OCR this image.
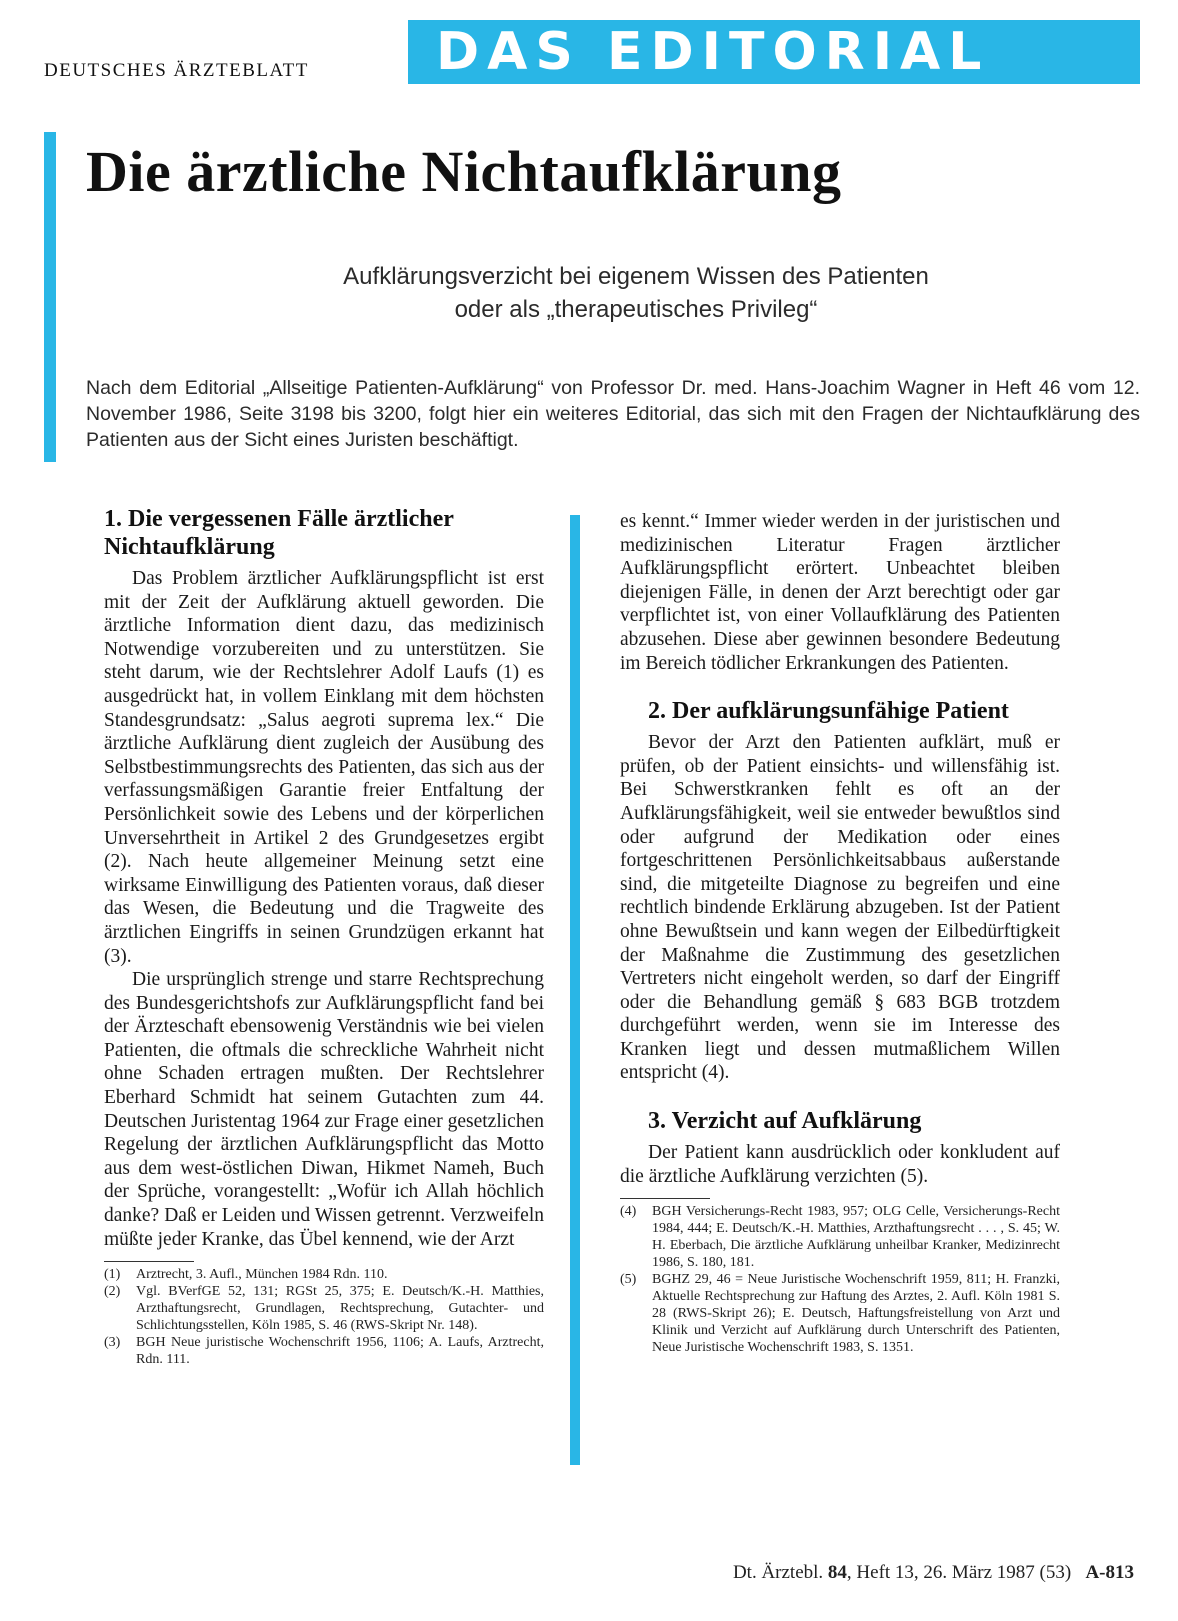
DEUTSCHES ÄRZTEBLATT	DAS EDITORIAL
Die ärztliche Nichtaufklärung
Aufklärungsverzicht bei eigenem Wissen des Patienten
oder als „therapeutisches Privileg“
Nach dem Editorial „Allseitige Patienten-Aufklärung“ von Professor Dr. med. Hans-Joachim Wagner in Heft 46 vom 12. November 1986, Seite 3198 bis 3200, folgt hier ein weiteres Editorial, das sich mit den Fragen der Nichtaufklärung des Patienten aus der Sicht eines Juristen beschäftigt.
1. Die vergessenen Fälle ärztlicher Nichtaufklärung

Das Problem ärztlicher Aufklärungspflicht ist erst mit der Zeit der Aufklärung aktuell geworden. Die ärztliche Information dient dazu, das medizinisch Notwendige vorzubereiten und zu unterstützen. Sie steht darum, wie der Rechtslehrer Adolf Laufs (1) es ausgedrückt hat, in vollem Einklang mit dem höchsten Standesgrundsatz: „Salus aegroti suprema lex.“ Die ärztliche Aufklärung dient zugleich der Ausübung des Selbstbestimmungsrechts des Patienten, das sich aus der verfassungsmäßigen Garantie freier Entfaltung der Persönlichkeit sowie des Lebens und der körperlichen Unversehrtheit in Artikel 2 des Grundgesetzes ergibt (2). Nach heute allgemeiner Meinung setzt eine wirksame Einwilligung des Patienten voraus, daß dieser das Wesen, die Bedeutung und die Tragweite des ärztlichen Eingriffs in seinen Grundzügen erkannt hat (3).

Die ursprünglich strenge und starre Rechtsprechung des Bundesgerichtshofs zur Aufklärungspflicht fand bei der Ärzteschaft ebensowenig Verständnis wie bei vielen Patienten, die oftmals die schreckliche Wahrheit nicht ohne Schaden ertragen mußten. Der Rechtslehrer Eberhard Schmidt hat seinem Gutachten zum 44. Deutschen Juristentag 1964 zur Frage einer gesetzlichen Regelung der ärztlichen Aufklärungspflicht das Motto aus dem west-östlichen Diwan, Hikmet Nameh, Buch der Sprüche, vorangestellt: „Wofür ich Allah höchlich danke? Daß er Leiden und Wissen getrennt. Verzweifeln müßte jeder Kranke, das Übel kennend, wie der Arzt

(1)	Arztrecht, 3. Aufl., München 1984 Rdn. 110.
(2)	Vgl. BVerfGE 52, 131; RGSt 25, 375; E. Deutsch/K.-H. Matthies, Arzthaftungsrecht, Grundlagen, Rechtsprechung, Gutachter- und Schlichtungsstellen, Köln 1985, S. 46 (RWS-Skript Nr. 148).
(3)	BGH Neue juristische Wochenschrift 1956, 1106; A. Laufs, Arztrecht, Rdn. 111.

es kennt.“ Immer wieder werden in der juristischen und medizinischen Literatur Fragen ärztlicher Aufklärungspflicht erörtert. Unbeachtet bleiben diejenigen Fälle, in denen der Arzt berechtigt oder gar verpflichtet ist, von einer Vollaufklärung des Patienten abzusehen. Diese aber gewinnen besondere Bedeutung im Bereich tödlicher Erkrankungen des Patienten.

2. Der aufklärungsunfähige Patient

Bevor der Arzt den Patienten aufklärt, muß er prüfen, ob der Patient einsichts- und willensfähig ist. Bei Schwerstkranken fehlt es oft an der Aufklärungsfähigkeit, weil sie entweder bewußtlos sind oder aufgrund der Medikation oder eines fortgeschrittenen Persönlichkeitsabbaus außerstande sind, die mitgeteilte Diagnose zu begreifen und eine rechtlich bindende Erklärung abzugeben. Ist der Patient ohne Bewußtsein und kann wegen der Eilbedürftigkeit der Maßnahme die Zustimmung des gesetzlichen Vertreters nicht eingeholt werden, so darf der Eingriff oder die Behandlung gemäß § 683 BGB trotzdem durchgeführt werden, wenn sie im Interesse des Kranken liegt und dessen mutmaßlichem Willen entspricht (4).

3. Verzicht auf Aufklärung

Der Patient kann ausdrücklich oder konkludent auf die ärztliche Aufklärung verzichten (5).

(4)	BGH Versicherungs-Recht 1983, 957; OLG Celle, Versicherungs-Recht 1984, 444; E. Deutsch/K.-H. Matthies, Arzthaftungsrecht . . . , S. 45; W. H. Eberbach, Die ärztliche Aufklärung unheilbar Kranker, Medizinrecht 1986, S. 180, 181.
(5)	BGHZ 29, 46 = Neue Juristische Wochenschrift 1959, 811; H. Franzki, Aktuelle Rechtsprechung zur Haftung des Arztes, 2. Aufl. Köln 1981 S. 28 (RWS-Skript 26); E. Deutsch, Haftungsfreistellung von Arzt und Klinik und Verzicht auf Aufklärung durch Unterschrift des Patienten, Neue Juristische Wochenschrift 1983, S. 1351.
Dt. Ärztebl. 84, Heft 13, 26. März 1987 (53) A-813
